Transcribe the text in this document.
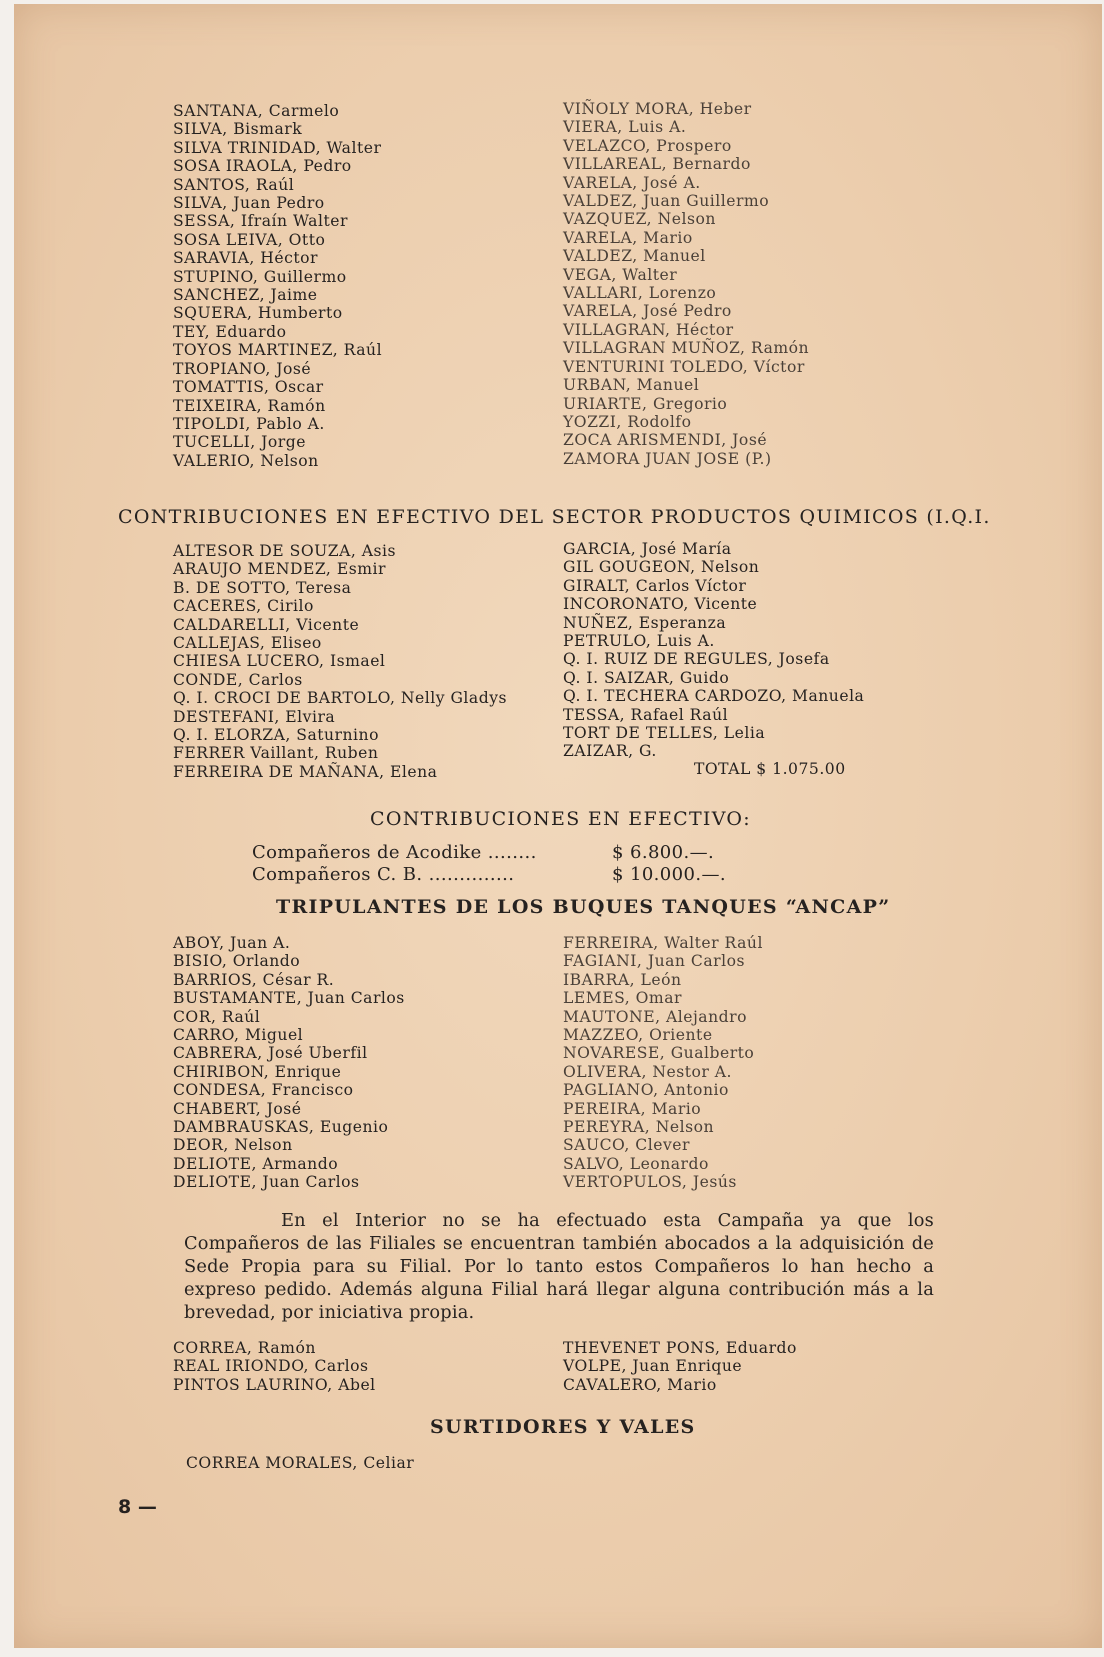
SANTANA, Carmelo
SILVA, Bismark
SILVA TRINIDAD, Walter
SOSA IRAOLA, Pedro
SANTOS, Raúl
SILVA, Juan Pedro
SESSA, Ifraín Walter
SOSA LEIVA, Otto
SARAVIA, Héctor
STUPINO, Guillermo
SANCHEZ, Jaime
SQUERA, Humberto
TEY, Eduardo
TOYOS MARTINEZ, Raúl
TROPIANO, José
TOMATTIS, Oscar
TEIXEIRA, Ramón
TIPOLDI, Pablo A.
TUCELLI, Jorge
VALERIO, Nelson
VIÑOLY MORA, Heber
VIERA, Luis A.
VELAZCO, Prospero
VILLAREAL, Bernardo
VARELA, José A.
VALDEZ, Juan Guillermo
VAZQUEZ, Nelson
VARELA, Mario
VALDEZ, Manuel
VEGA, Walter
VALLARI, Lorenzo
VARELA, José Pedro
VILLAGRAN, Héctor
VILLAGRAN MUÑOZ, Ramón
VENTURINI TOLEDO, Víctor
URBAN, Manuel
URIARTE, Gregorio
YOZZI, Rodolfo
ZOCA ARISMENDI, José
ZAMORA JUAN JOSE (P.)
CONTRIBUCIONES EN EFECTIVO DEL SECTOR PRODUCTOS QUIMICOS (I.Q.I.
ALTESOR DE SOUZA, Asis
ARAUJO MENDEZ, Esmir
B. DE SOTTO, Teresa
CACERES, Cirilo
CALDARELLI, Vicente
CALLEJAS, Eliseo
CHIESA LUCERO, Ismael
CONDE, Carlos
Q. I. CROCI DE BARTOLO, Nelly Gladys
DESTEFANI, Elvira
Q. I. ELORZA, Saturnino
FERRER Vaillant, Ruben
FERREIRA DE MAÑANA, Elena
GARCIA, José María
GIL GOUGEON, Nelson
GIRALT, Carlos Víctor
INCORONATO, Vicente
NUÑEZ, Esperanza
PETRULO, Luis A.
Q. I. RUIZ DE REGULES, Josefa
Q. I. SAIZAR, Guido
Q. I. TECHERA CARDOZO, Manuela
TESSA, Rafael Raúl
TORT DE TELLES, Lelia
ZAIZAR, G.
TOTAL $ 1.075.00
CONTRIBUCIONES EN EFECTIVO:
Compañeros de Acodike ........	$ 6.800.—.
Compañeros C. B. ..............	$ 10.000.—.
TRIPULANTES DE LOS BUQUES TANQUES “ANCAP”
ABOY, Juan A.
BISIO, Orlando
BARRIOS, César R.
BUSTAMANTE, Juan Carlos
COR, Raúl
CARRO, Miguel
CABRERA, José Uberfil
CHIRIBON, Enrique
CONDESA, Francisco
CHABERT, José
DAMBRAUSKAS, Eugenio
DEOR, Nelson
DELIOTE, Armando
DELIOTE, Juan Carlos
FERREIRA, Walter Raúl
FAGIANI, Juan Carlos
IBARRA, León
LEMES, Omar
MAUTONE, Alejandro
MAZZEO, Oriente
NOVARESE, Gualberto
OLIVERA, Nestor A.
PAGLIANO, Antonio
PEREIRA, Mario
PEREYRA, Nelson
SAUCO, Clever
SALVO, Leonardo
VERTOPULOS, Jesús

En el Interior no se ha efectuado esta Campaña ya que los Compañeros de las Filiales se encuentran también abocados a la adquisición de Sede Propia para su Filial. Por lo tanto estos Compañeros lo han hecho a expreso pedido. Además alguna Filial hará llegar alguna contribución más a la brevedad, por iniciativa propia.

CORREA, Ramón
REAL IRIONDO, Carlos
PINTOS LAURINO, Abel
THEVENET PONS, Eduardo
VOLPE, Juan Enrique
CAVALERO, Mario
SURTIDORES Y VALES
CORREA MORALES, Celiar
8 —
